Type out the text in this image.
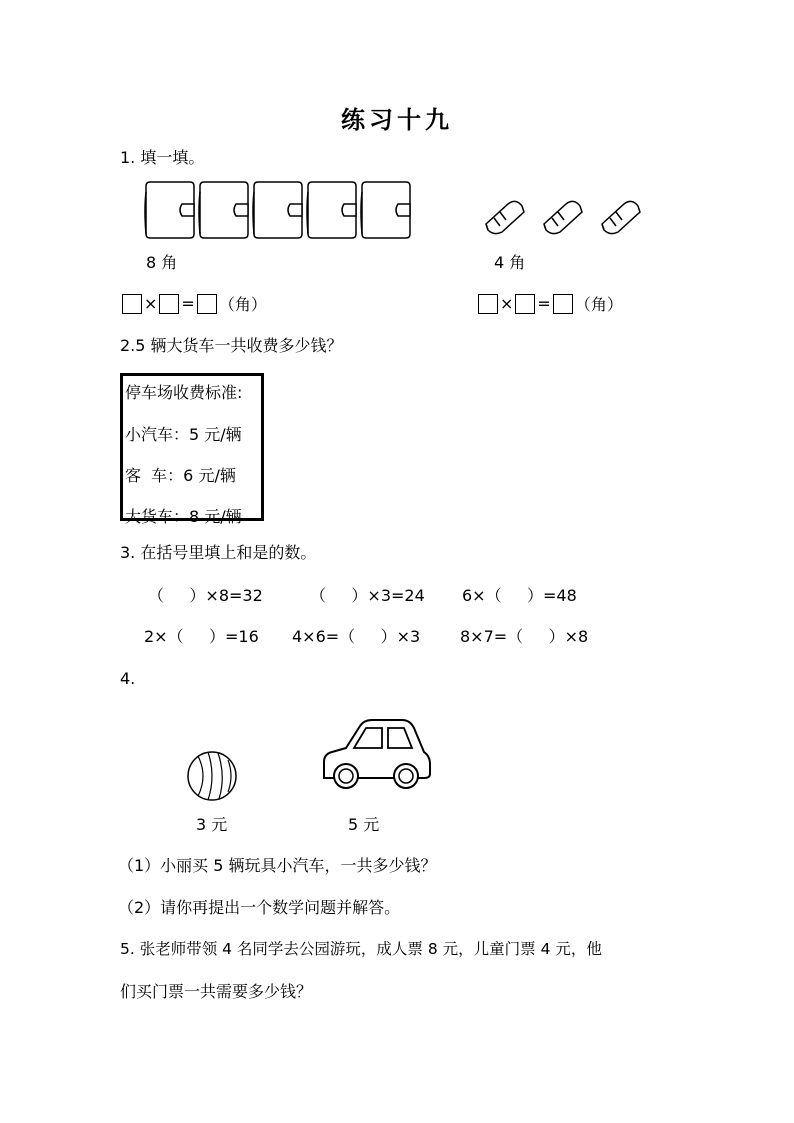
练习十九
1. 填一填。
8 角	4 角
× = （角）	× = （角）
2.5 辆大货车一共收费多少钱？
停车场收费标准:
小汽车：5 元/辆
客  车：6 元/辆
大货车：8 元/辆
3. 在括号里填上和是的数。
（     ）×8=32	（     ）×3=24 6×（     ）=48
2×（     ）=16 4×6=（     ）×3 8×7=（     ）×8
4.
3 元	5 元
（1）小丽买 5 辆玩具小汽车，一共多少钱？
（2）请你再提出一个数学问题并解答。
5. 张老师带领 4 名同学去公园游玩，成人票 8 元，儿童门票 4 元，他
们买门票一共需要多少钱？
